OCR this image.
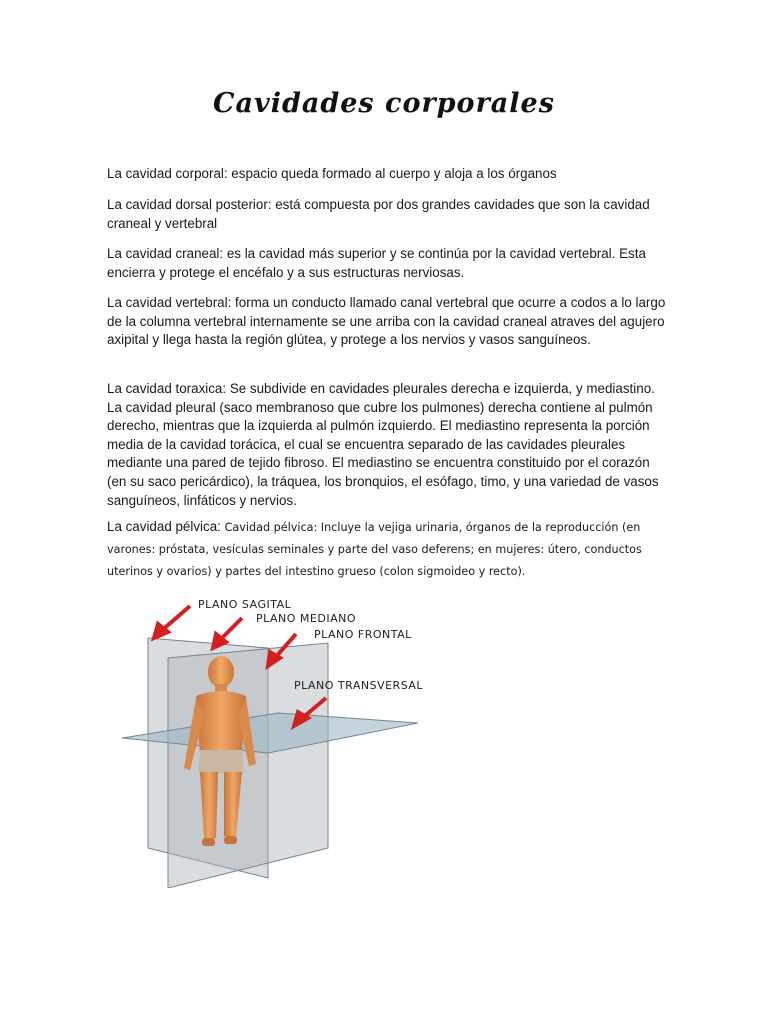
Cavidades corporales

La cavidad corporal: espacio queda formado al cuerpo y aloja a los órganos

La cavidad dorsal posterior: está compuesta por dos grandes cavidades que son la cavidad craneal y vertebral

La cavidad craneal: es la cavidad más superior y se continúa por la cavidad vertebral. Esta encierra y protege el encéfalo y a sus estructuras nerviosas.

La cavidad vertebral: forma un conducto llamado canal vertebral que ocurre a codos a lo largo de la columna vertebral internamente se une arriba con la cavidad craneal atraves del agujero axipital y llega hasta la región glútea, y protege a los nervios y vasos sanguíneos.

La cavidad toraxica: Se subdivide en cavidades pleurales derecha e izquierda, y mediastino. La cavidad pleural (saco membranoso que cubre los pulmones) derecha contiene al pulmón derecho, mientras que la izquierda al pulmón izquierdo. El mediastino representa la porción media de la cavidad torácica, el cual se encuentra separado de las cavidades pleurales mediante una pared de tejido fibroso. El mediastino se encuentra constituido por el corazón (en su saco pericárdico), la tráquea, los bronquios, el esófago, timo, y una variedad de vasos sanguíneos, linfáticos y nervios.

La cavidad pélvica: Cavidad pélvica: Incluye la vejiga urinaria, órganos de la reproducción (en varones: próstata, vesículas seminales y parte del vaso deferens; en mujeres: útero, conductos uterinos y ovarios) y partes del intestino grueso (colon sigmoideo y recto).

PLANO SAGITAL
PLANO MEDIANO
PLANO FRONTAL
PLANO TRANSVERSAL
